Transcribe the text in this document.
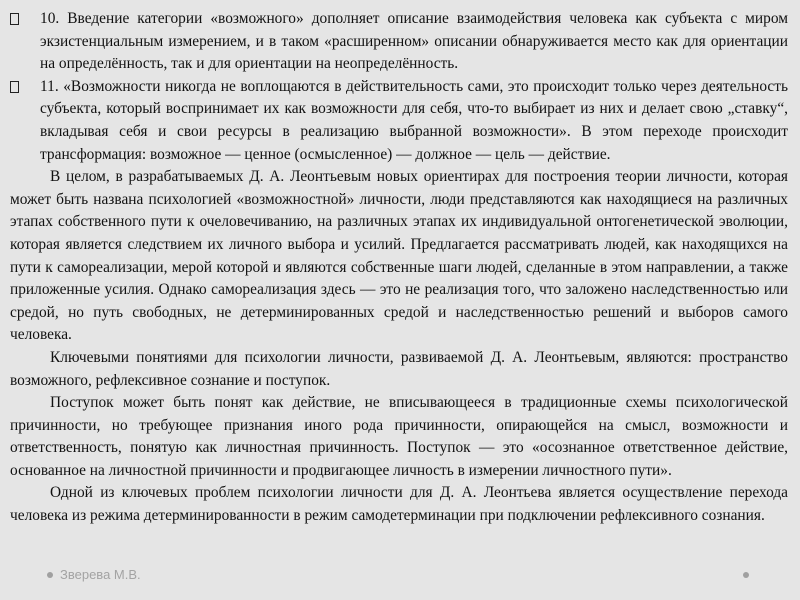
10. Введение категории «возможного» дополняет описание взаимодействия человека как субъекта с миром экзистенциальным измерением, и в таком «расширенном» описании обнаруживается место как для ориентации на определённость, так и для ориентации на неопределённость.
11. «Возможности никогда не воплощаются в действительность сами, это происходит только через деятельность субъекта, который воспринимает их как возможности для себя, что-то выбирает из них и делает свою „ставку“, вкладывая себя и свои ресурсы в реализацию выбранной возможности». В этом переходе происходит трансформация: возможное — ценное (осмысленное) — должное — цель — действие.

В целом, в разрабатываемых Д. А. Леонтьевым новых ориентирах для построения теории личности, которая может быть названа психологией «возможностной» личности, люди представляются как находящиеся на различных этапах собственного пути к очеловечиванию, на различных этапах их индивидуальной онтогенетической эволюции, которая является следствием их личного выбора и усилий. Предлагается рассматривать людей, как находящихся на пути к самореализации, мерой которой и являются собственные шаги людей, сделанные в этом направлении, а также приложенные усилия. Однако самореализация здесь — это не реализация того, что заложено наследственностью или средой, но путь свободных, не детерминированных средой и наследственностью решений и выборов самого человека.

Ключевыми понятиями для психологии личности, развиваемой Д. А. Леонтьевым, являются: пространство возможного, рефлексивное сознание и поступок.

Поступок может быть понят как действие, не вписывающееся в традиционные схемы психологической причинности, но требующее признания иного рода причинности, опирающейся на смысл, возможности и ответственность, понятую как личностная причинность. Поступок — это «осознанное ответственное действие, основанное на личностной причинности и продвигающее личность в измерении личностного пути».

Одной из ключевых проблем психологии личности для Д. А. Леонтьева является осуществление перехода человека из режима детерминированности в режим самодетерминации при подключении рефлексивного сознания.

Зверева М.В.
